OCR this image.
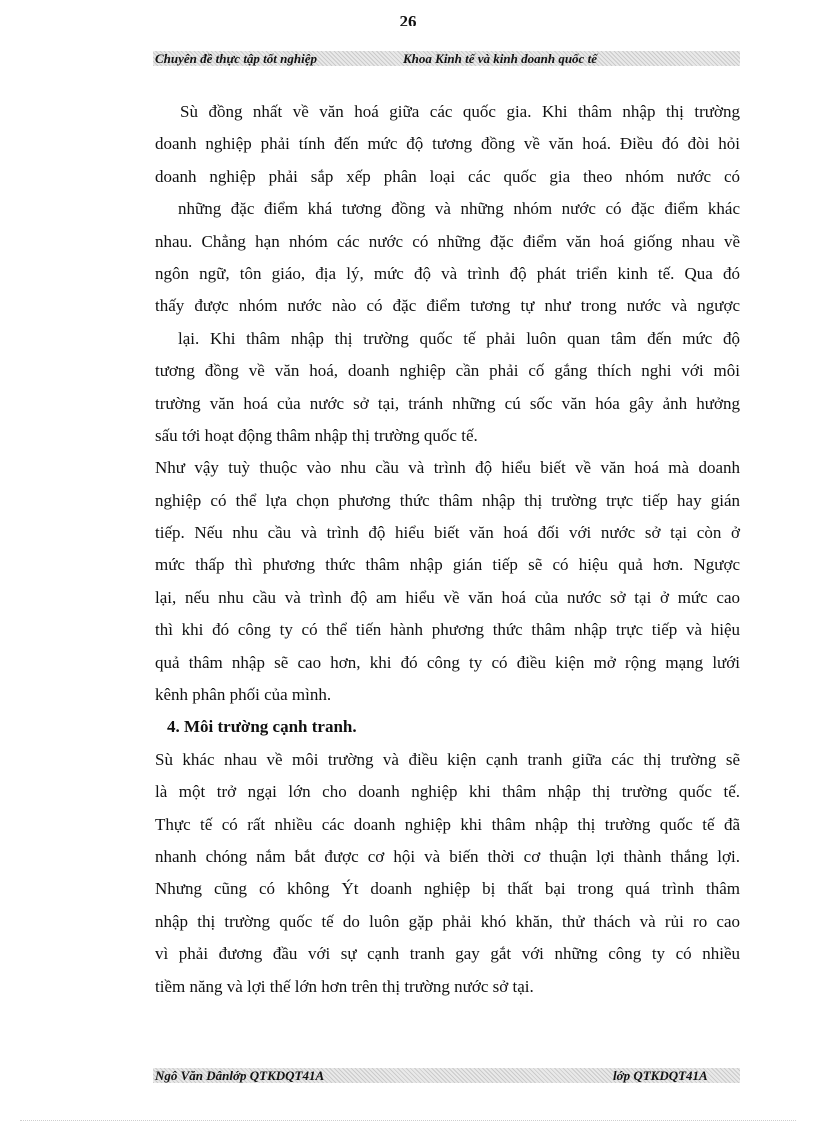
26
Chuyên đề thực tập tốt nghiệp	Khoa Kinh tế và kinh doanh quốc tế
Sù đồng nhất về văn hoá giữa các quốc gia. Khi thâm nhập thị trường
doanh nghiệp phải tính đến mức độ tương đồng về văn hoá. Điều đó đòi hỏi
doanh nghiệp phải sắp xếp phân loại các quốc gia theo nhóm nước có
những đặc điểm khá tương đồng và những nhóm nước có đặc điểm khác
nhau. Chẳng hạn nhóm các nước có những đặc điểm văn hoá giống nhau về
ngôn ngữ, tôn giáo, địa lý, mức độ và trình độ phát triển kinh tế. Qua đó
thấy được nhóm nước nào có đặc điểm tương tự như trong nước và ngược
lại. Khi thâm nhập thị trường quốc tế phải luôn quan tâm đến mức độ
tương đồng về văn hoá, doanh nghiệp cần phải cố gắng thích nghi với môi
trường văn hoá của nước sở tại, tránh những cú sốc văn hóa gây ảnh hưởng
sấu tới hoạt động thâm nhập thị trường quốc tế.
Như vậy tuỳ thuộc vào nhu cầu và trình độ hiểu biết về văn hoá mà doanh
nghiệp có thể lựa chọn phương thức thâm nhập thị trường trực tiếp hay gián
tiếp. Nếu nhu cầu và trình độ hiểu biết văn hoá đối với nước sở tại còn ở
mức thấp thì phương thức thâm nhập gián tiếp sẽ có hiệu quả hơn. Ngược
lại, nếu nhu cầu và trình độ am hiểu về văn hoá của nước sở tại ở mức cao
thì khi đó công ty có thể tiến hành phương thức thâm nhập trực tiếp và hiệu
quả thâm nhập sẽ cao hơn, khi đó công ty có điều kiện mở rộng mạng lưới
kênh phân phối của mình.
4. Môi trường cạnh tranh.
Sù khác nhau về môi trường và điều kiện cạnh tranh giữa các thị trường sẽ
là một trở ngại lớn cho doanh nghiệp khi thâm nhập thị trường quốc tế.
Thực tế có rất nhiều các doanh nghiệp khi thâm nhập thị trường quốc tế đã
nhanh chóng nắm bắt được cơ hội và biến thời cơ thuận lợi thành thắng lợi.
Nhưng cũng có không Ýt doanh nghiệp bị thất bại trong quá trình thâm
nhập thị trường quốc tế do luôn gặp phải khó khăn, thử thách và rủi ro cao
vì phải đương đầu với sự cạnh tranh gay gắt với những công ty có nhiều
tiềm năng và lợi thế lớn hơn trên thị trường nước sở tại.
Ngô Văn Dânlớp QTKDQT41A	lớp QTKDQT41A
